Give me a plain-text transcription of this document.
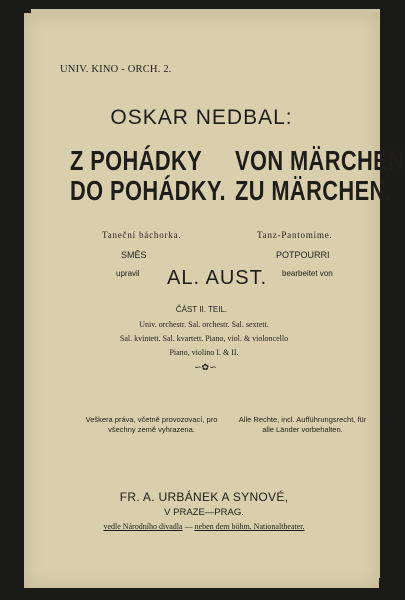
UNIV. KINO - ORCH. 2.
OSKAR NEDBAL:
Z POHÁDKY
DO POHÁDKY.
VON MÄRCHEN
ZU MÄRCHEN.
Taneční báchorka.	Tanz-Pantomime.
SMĚS	POTPOURRI
upravil AL. AUST. bearbeitet von
ČÁST II. TEIL.
Univ. orchestr. Sal. orchestr. Sal. sextett.
Sal. kvintett. Sal. kvartett. Piano, viol. & violoncello
Piano, violino I. & II.
∽✿∽
Veškera práva, včetně provozovací, pro všechny země vyhrazena.
Alle Rechte, incl. Aufführungsrecht, für alle Länder vorbehalten.
FR. A. URBÁNEK A SYNOVÉ,
V PRAZE—PRAG.
vedle Národního divadla — neben dem böhm. Nationaltheater.
